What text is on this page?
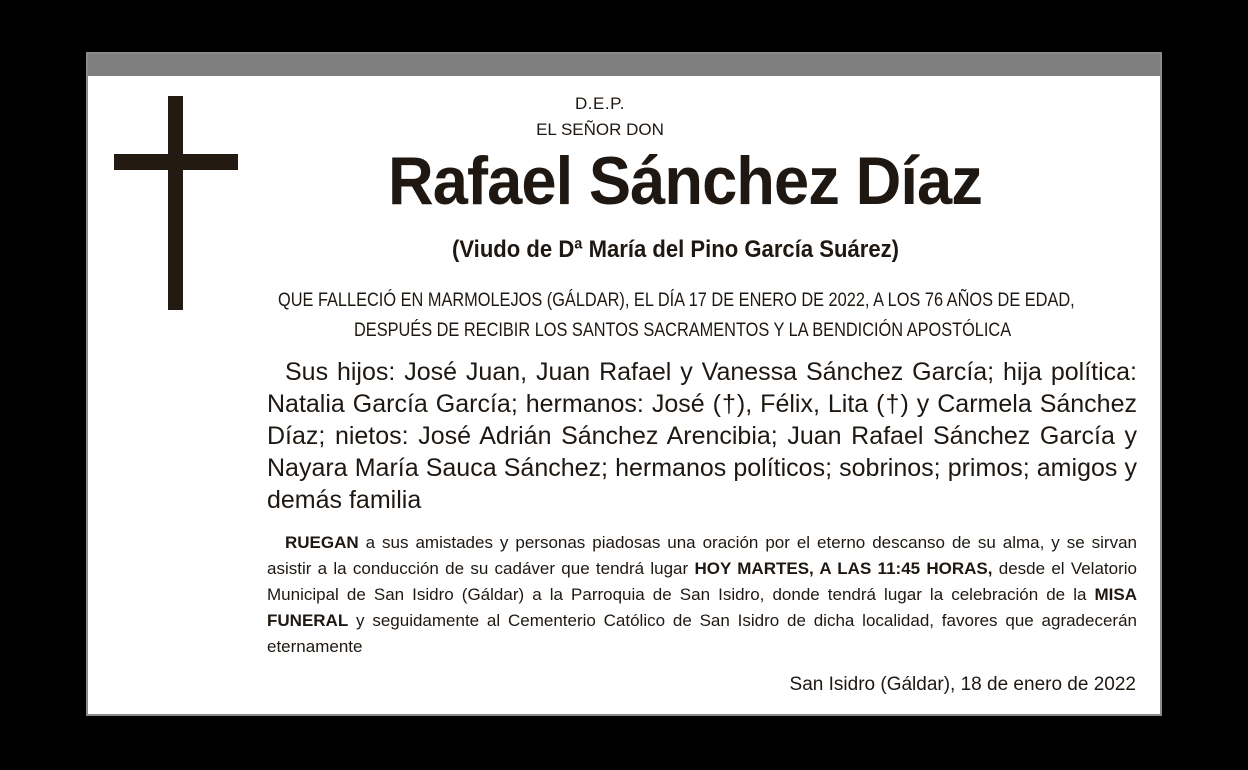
D.E.P.
EL SEÑOR DON
Rafael Sánchez Díaz
(Viudo de Dª María del Pino García Suárez)
QUE FALLECIÓ EN MARMOLEJOS (GÁLDAR), EL DÍA 17 DE ENERO DE 2022, A LOS 76 AÑOS DE EDAD,
DESPUÉS DE RECIBIR LOS SANTOS SACRAMENTOS Y LA BENDICIÓN APOSTÓLICA
Sus hijos: José Juan, Juan Rafael y Vanessa Sánchez García; hija política: Natalia García García; hermanos: José (†), Félix, Lita (†) y Carmela Sánchez Díaz; nietos: José Adrián Sánchez Arencibia; Juan Rafael Sánchez García y Nayara María Sauca Sánchez; hermanos políticos; sobrinos; primos; amigos y demás familia
RUEGAN a sus amistades y personas piadosas una oración por el eterno descanso de su alma, y se sirvan asistir a la conducción de su cadáver que tendrá lugar HOY MARTES, A LAS 11:45 HORAS, desde el Velatorio Municipal de San Isidro (Gáldar) a la Parroquia de San Isidro, donde tendrá lugar la celebración de la MISA FUNERAL y seguidamente al Cementerio Católico de San Isidro de dicha localidad, favores que agradecerán eternamente
San Isidro (Gáldar), 18 de enero de 2022
